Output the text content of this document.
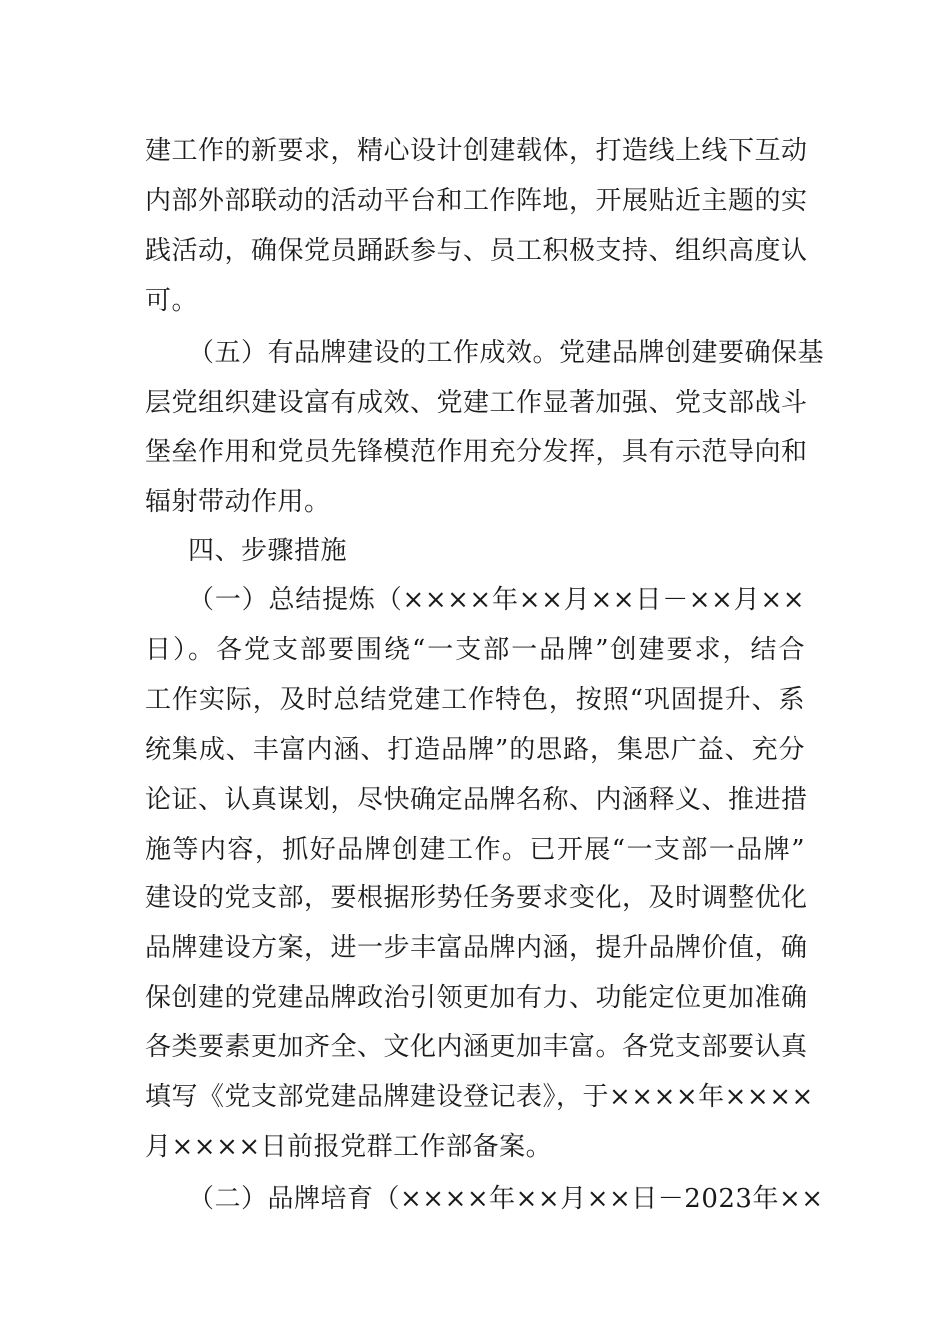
建工作的新要求，精心设计创建载体，打造线上线下互动
内部外部联动的活动平台和工作阵地，开展贴近主题的实
践活动，确保党员踊跃参与、员工积极支持、组织高度认
可。
（五）有品牌建设的工作成效。党建品牌创建要确保基
层党组织建设富有成效、党建工作显著加强、党支部战斗
堡垒作用和党员先锋模范作用充分发挥，具有示范导向和
辐射带动作用。
四、步骤措施
（一）总结提炼（××××年××月××日－××月××
日）。各党支部要围绕“一支部一品牌”创建要求，结合
工作实际，及时总结党建工作特色，按照“巩固提升、系
统集成、丰富内涵、打造品牌”的思路，集思广益、充分
论证、认真谋划，尽快确定品牌名称、内涵释义、推进措
施等内容，抓好品牌创建工作。已开展“一支部一品牌”
建设的党支部，要根据形势任务要求变化，及时调整优化
品牌建设方案，进一步丰富品牌内涵，提升品牌价值，确
保创建的党建品牌政治引领更加有力、功能定位更加准确
各类要素更加齐全、文化内涵更加丰富。各党支部要认真
填写《党支部党建品牌建设登记表》，于××××年××××
月××××日前报党群工作部备案。
（二）品牌培育（××××年××月××日－2023年××
